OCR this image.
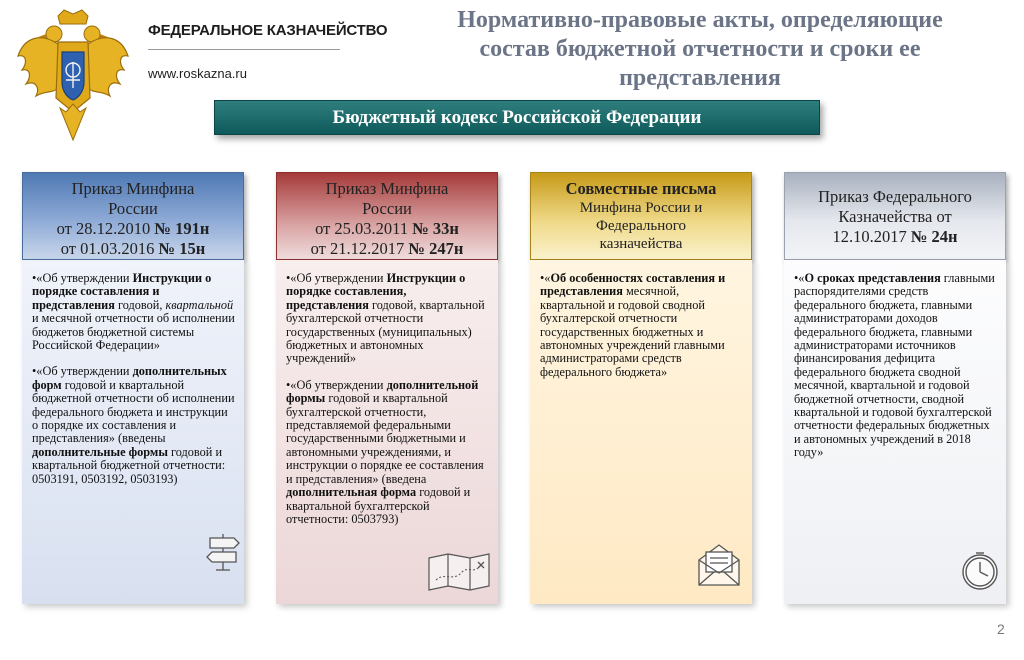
ФЕДЕРАЛЬНОЕ КАЗНАЧЕЙСТВО
www.roskazna.ru
Нормативно-правовые акты, определяющие
состав бюджетной отчетности и сроки ее
представления
Бюджетный кодекс Российской Федерации
Приказ Минфина
России
от 28.12.2010 № 191н
от 01.03.2016 № 15н

•«Об утверждении Инструкции о порядке составления и представления годовой, квартальной и месячной отчетности об исполнении бюджетов бюджетной системы Российской Федерации»

•«Об утверждении дополнительных форм годовой и квартальной бюджетной отчетности об исполнении федерального бюджета и инструкции о порядке их составления и представления» (введены дополнительные формы годовой и квартальной бюджетной отчетности: 0503191, 0503192, 0503193)

Приказ Минфина
России
от 25.03.2011 № 33н
от 21.12.2017 № 247н

•«Об утверждении Инструкции о порядке составления, представления годовой, квартальной бухгалтерской отчетности государственных (муниципальных) бюджетных и автономных учреждений»

•«Об утверждении дополнительной формы годовой и квартальной бухгалтерской отчетности, представляемой федеральными государственными бюджетными и автономными учреждениями, и инструкции о порядке ее составления и представления» (введена дополнительная форма годовой и квартальной бухгалтерской отчетности: 0503793)

Совместные письма
Минфина России и
Федерального
казначейства

•«Об особенностях составления и представления месячной, квартальной и годовой сводной бухгалтерской отчетности государственных бюджетных и автономных учреждений главными администраторами средств федерального бюджета»

Приказ Федерального
Казначейства от
12.10.2017 № 24н

•«О сроках представления главными распорядителями средств федерального бюджета, главными администраторами доходов федерального бюджета, главными администраторами источников финансирования дефицита федерального бюджета сводной месячной, квартальной и годовой бюджетной отчетности, сводной квартальной и годовой бухгалтерской отчетности федеральных бюджетных и автономных учреждений в 2018 году»

2
